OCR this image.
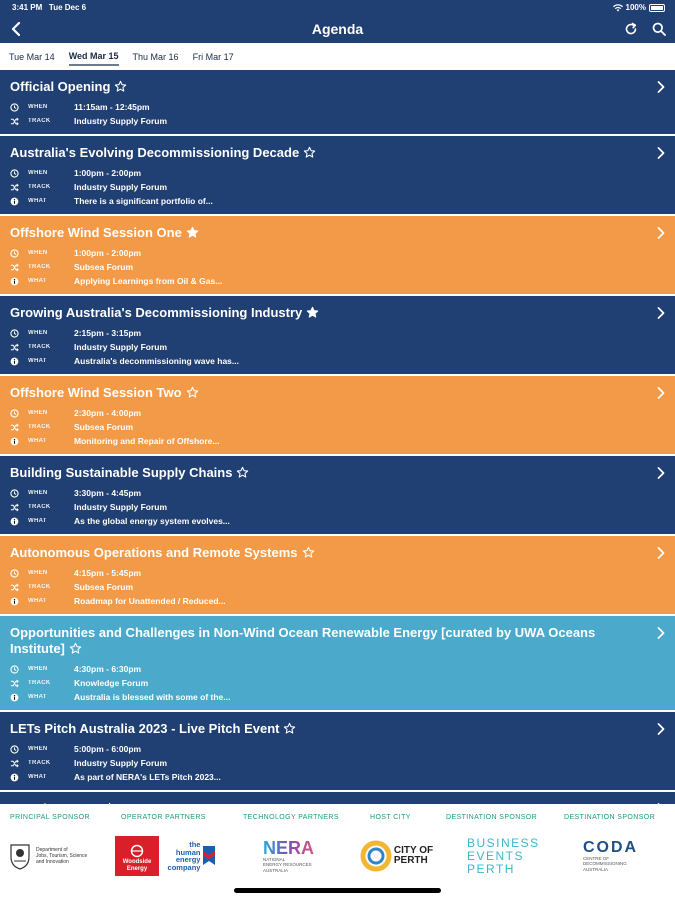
3:41 PM Tue Dec 6	100%
Agenda
Tue Mar 14 Wed Mar 15 Thu Mar 16 Fri Mar 17
Official Opening
WHEN	11:15am - 12:45pm
TRACK	Industry Supply Forum
Australia's Evolving Decommissioning Decade
WHEN	1:00pm - 2:00pm
TRACK	Industry Supply Forum
WHAT	There is a significant portfolio of...
Offshore Wind Session One
WHEN	1:00pm - 2:00pm
TRACK	Subsea Forum
WHAT	Applying Learnings from Oil & Gas...
Growing Australia's Decommissioning Industry
WHEN	2:15pm - 3:15pm
TRACK	Industry Supply Forum
WHAT	Australia's decommissioning wave has...
Offshore Wind Session Two
WHEN	2:30pm - 4:00pm
TRACK	Subsea Forum
WHAT	Monitoring and Repair of Offshore...
Building Sustainable Supply Chains
WHEN	3:30pm - 4:45pm
TRACK	Industry Supply Forum
WHAT	As the global energy system evolves...
Autonomous Operations and Remote Systems
WHEN	4:15pm - 5:45pm
TRACK	Subsea Forum
WHAT	Roadmap for Unattended / Reduced...
Opportunities and Challenges in Non-Wind Ocean Renewable Energy [curated by UWA Oceans Institute]
WHEN	4:30pm - 6:30pm
TRACK	Knowledge Forum
WHAT	Australia is blessed with some of the...
LETs Pitch Australia 2023 - Live Pitch Event
WHEN	5:00pm - 6:00pm
TRACK	Industry Supply Forum
WHAT	As part of NERA's LETs Pitch 2023...
PRINCIPAL SPONSOR	OPERATOR PARTNERS	TECHNOLOGY PARTNERS	HOST CITY	DESTINATION SPONSOR	DESTINATION SPONSOR
Department of
Jobs, Tourism, Science
and Innovation	Woodside
Energy
the
human
energy
company
NERA
NATIONAL
ENERGY RESOURCES
AUSTRALIA
CITY OF
PERTH
BUSINESS
EVENTS
PERTH
CODA
CENTRE OF
DECOMMISSIONING
AUSTRALIA
